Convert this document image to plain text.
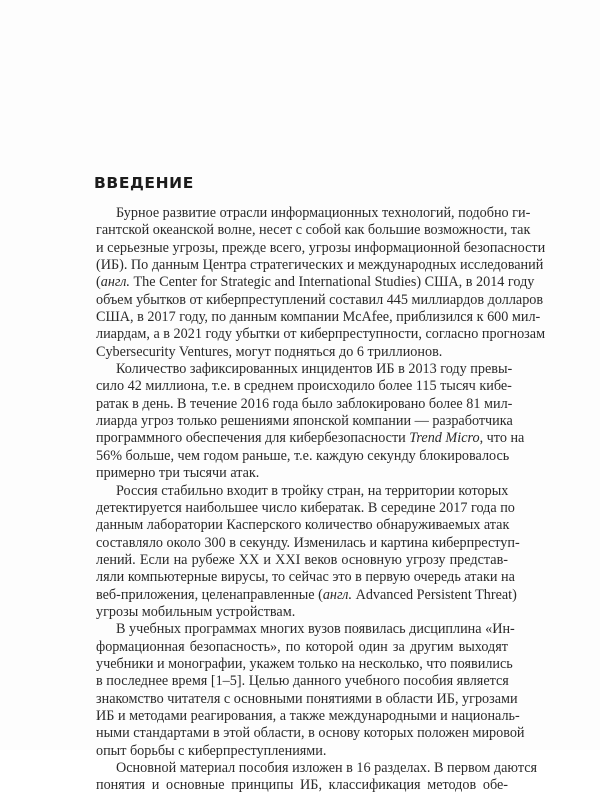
ВВЕДЕНИЕ
Бурное развитие отрасли информационных технологий, подобно ги-
гантской океанской волне, несет с собой как большие возможности, так
и серьезные угрозы, прежде всего, угрозы информационной безопасности
(ИБ). По данным Центра стратегических и международных исследований
(англ. The Center for Strategic and International Studies) США, в 2014 году
объем убытков от киберпреступлений составил 445 миллиардов долларов
США, в 2017 году, по данным компании McAfee, приблизился к 600 мил-
лиардам, а в 2021 году убытки от киберпреступности, согласно прогнозам
Cybersecurity Ventures, могут подняться до 6 триллионов.
Количество зафиксированных инцидентов ИБ в 2013 году превы-
сило 42 миллиона, т.е. в среднем происходило более 115 тысяч кибе-
ратак в день. В течение 2016 года было заблокировано более 81 мил-
лиарда угроз только решениями японской компании — разработчика
программного обеспечения для кибербезопасности Trend Micro, что на
56% больше, чем годом раньше, т.е. каждую секунду блокировалось
примерно три тысячи атак.
Россия стабильно входит в тройку стран, на территории которых
детектируется наибольшее число кибератак. В середине 2017 года по
данным лаборатории Касперского количество обнаруживаемых атак
составляло около 300 в секунду. Изменилась и картина киберпреступ-
лений. Если на рубеже XX и XXI веков основную угрозу представ-
ляли компьютерные вирусы, то сейчас это в первую очередь атаки на
веб-приложения, целенаправленные (англ. Advanced Persistent Threat)
угрозы мобильным устройствам.
В учебных программах многих вузов появилась дисциплина «Ин-
формационная безопасность», по которой один за другим выходят
учебники и монографии, укажем только на несколько, что появились
в последнее время [1–5]. Целью данного учебного пособия является
знакомство читателя с основными понятиями в области ИБ, угрозами
ИБ и методами реагирования, а также международными и националь-
ными стандартами в этой области, в основу которых положен мировой
опыт борьбы с киберпреступлениями.
Основной материал пособия изложен в 16 разделах. В первом даются
понятия и основные принципы ИБ, классификация методов обе-
